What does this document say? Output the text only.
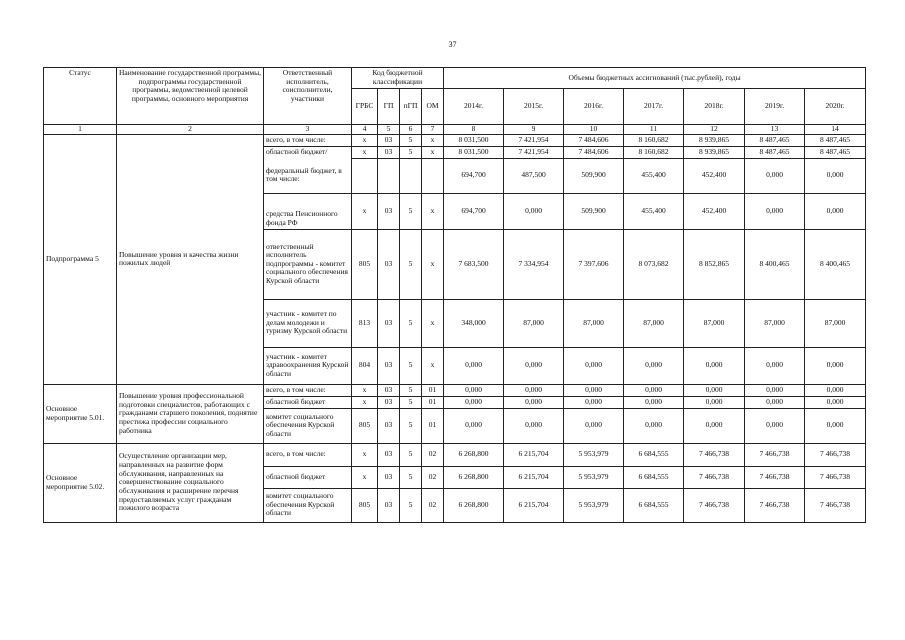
37
Статус	Наименование государственной программы, подпрограммы государственной программы, ведомственной целевой программы, основного мероприятия	Ответственный исполнитель, соисполнители, участники	Код бюджетной классификации				Объемы бюджетных ассигнований (тыс.рублей), годы						
			ГРБС	ГП	пГП	ОМ	2014г.	2015г.	2016г.	2017г.	2018г.	2019г.	2020г.
1	2	3	4	5	6	7	8	9	10	11	12	13	14
Подпрограмма 5	Повышение уровня и качества жизни пожилых людей	всего, в том числе:	х	03	5	х	8 031,500	7 421,954	7 484,606	8 160,682	8 939,865	8 487,465	8 487,465
		областной бюджет/	х	03	5	х	8 031,500	7 421,954	7 484,606	8 160,682	8 939,865	8 487,465	8 487,465
		федеральный бюджет, в том числе:					694,700	487,500	509,900	455,400	452,400	0,000	0,000
		средства Пенсионного фонда РФ	х	03	5	х	694,700	0,000	509,900	455,400	452,400	0,000	0,000
		ответственный исполнитель подпрограммы - комитет социального обеспечения Курской области	805	03	5	х	7 683,500	7 334,954	7 397,606	8 073,682	8 852,865	8 400,465	8 400,465
		участник - комитет по делам молодежи и туризму Курской области	813	03	5	х	348,000	87,000	87,000	87,000	87,000	87,000	87,000
		участник - комитет здравоохранения Курской области	804	03	5	х	0,000	0,000	0,000	0,000	0,000	0,000	0,000
Основное мероприятие 5.01.	Повышение уровня профессиональной подготовки специалистов, работающих с гражданами старшего поколения, поднятие престижа профессии социального работника	всего, в том числе:	х	03	5	01	0,000	0,000	0,000	0,000	0,000	0,000	0,000
		областной бюджет	х	03	5	01	0,000	0,000	0,000	0,000	0,000	0,000	0,000
		комитет социального обеспечения Курской области	805	03	5	01	0,000	0,000	0,000	0,000	0,000	0,000	0,000
Основное мероприятие 5.02.	Осуществление организации мер, направленных на развитие форм обслуживания, направленных на совершенствование социального обслуживания и расширение перечня предоставляемых услуг гражданам пожилого возраста	всего, в том числе:	х	03	5	02	6 268,800	6 215,704	5 953,979	6 684,555	7 466,738	7 466,738	7 466,738
		областной бюджет	х	03	5	02	6 268,800	6 215,704	5 953,979	6 684,555	7 466,738	7 466,738	7 466,738
		комитет социального обеспечения Курской области	805	03	5	02	6 268,800	6 215,704	5 953,979	6 684,555	7 466,738	7 466,738	7 466,738
